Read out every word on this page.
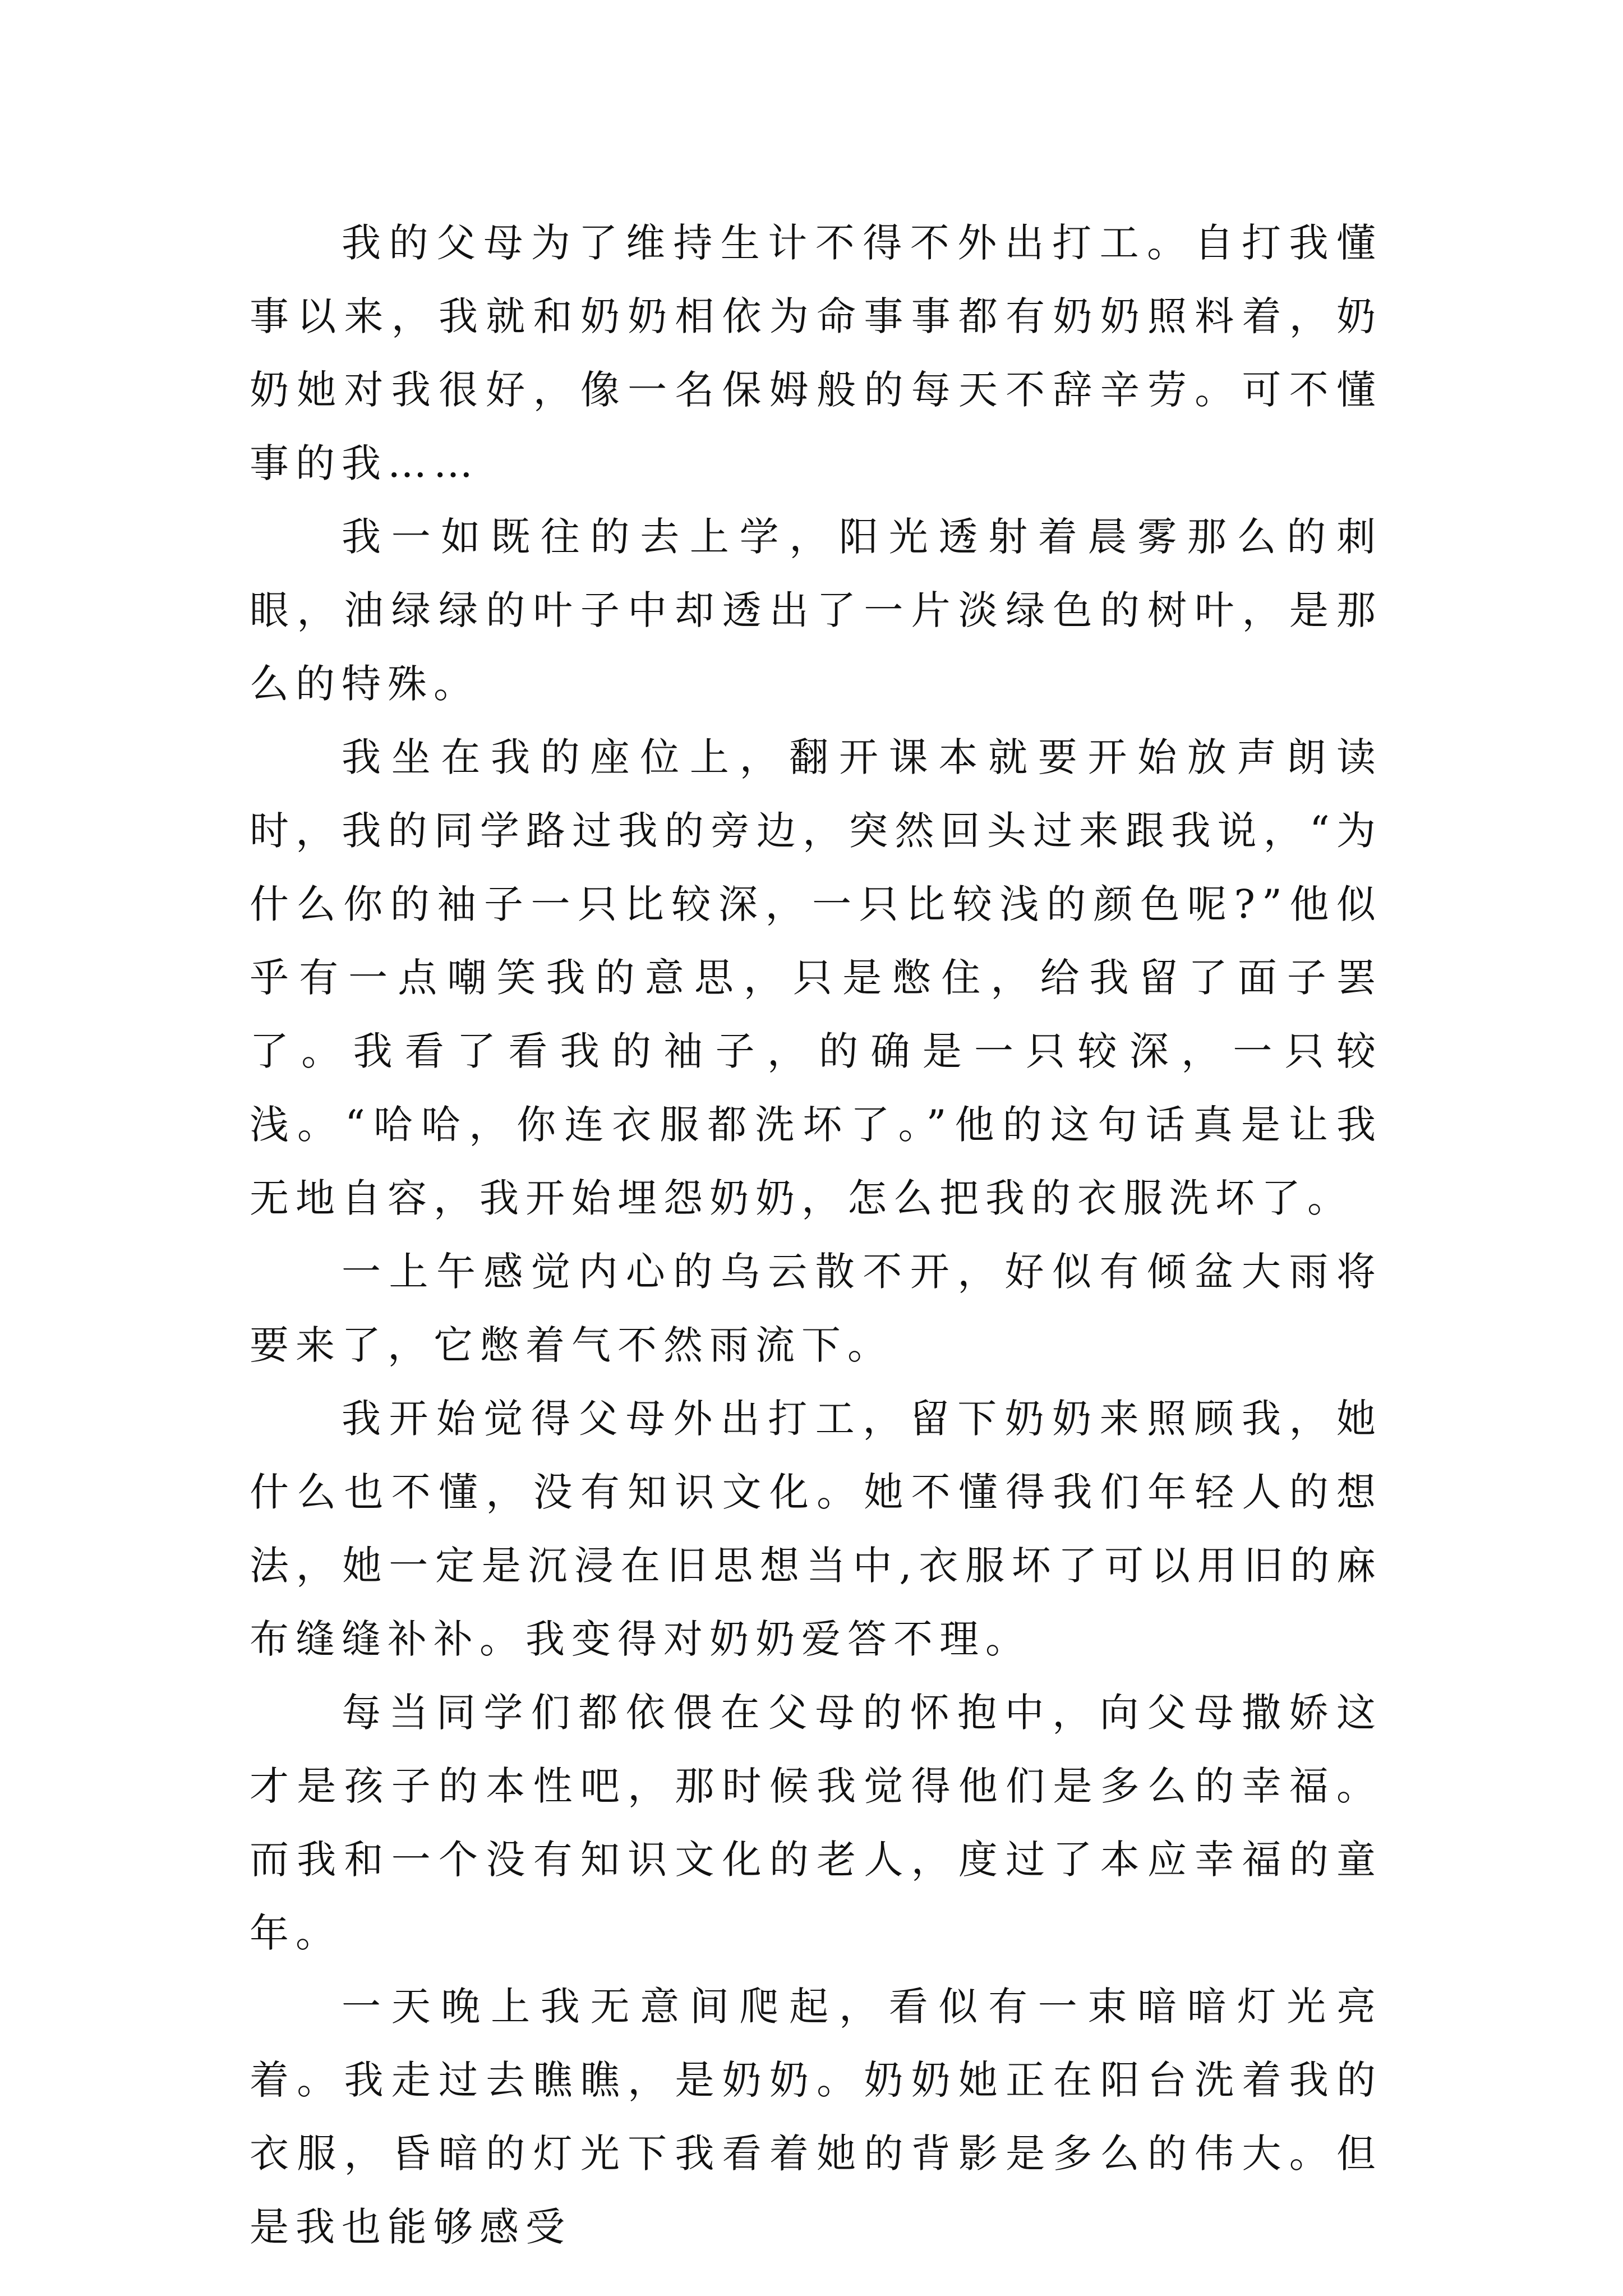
我的父母为了维持生计不得不外出打工。自打我懂事以来，我就和奶奶相依为命事事都有奶奶照料着，奶奶她对我很好，像一名保姆般的每天不辞辛劳。可不懂事的我……

我一如既往的去上学，阳光透射着晨雾那么的刺眼，油绿绿的叶子中却透出了一片淡绿色的树叶，是那么的特殊。

我坐在我的座位上，翻开课本就要开始放声朗读时，我的同学路过我的旁边，突然回头过来跟我说，“为什么你的袖子一只比较深，一只比较浅的颜色呢?”他似乎有一点嘲笑我的意思，只是憋住，给我留了面子罢了。我看了看我的袖子，的确是一只较深，一只较浅。“哈哈，你连衣服都洗坏了。”他的这句话真是让我无地自容，我开始埋怨奶奶，怎么把我的衣服洗坏了。

一上午感觉内心的乌云散不开，好似有倾盆大雨将要来了，它憋着气不然雨流下。

我开始觉得父母外出打工，留下奶奶来照顾我，她什么也不懂，没有知识文化。她不懂得我们年轻人的想法，她一定是沉浸在旧思想当中,衣服坏了可以用旧的麻布缝缝补补。我变得对奶奶爱答不理。

每当同学们都依偎在父母的怀抱中，向父母撒娇这才是孩子的本性吧，那时候我觉得他们是多么的幸福。而我和一个没有知识文化的老人，度过了本应幸福的童年。

一天晚上我无意间爬起，看似有一束暗暗灯光亮着。我走过去瞧瞧，是奶奶。奶奶她正在阳台洗着我的衣服，昏暗的灯光下我看着她的背影是多么的伟大。但是我也能够感受
